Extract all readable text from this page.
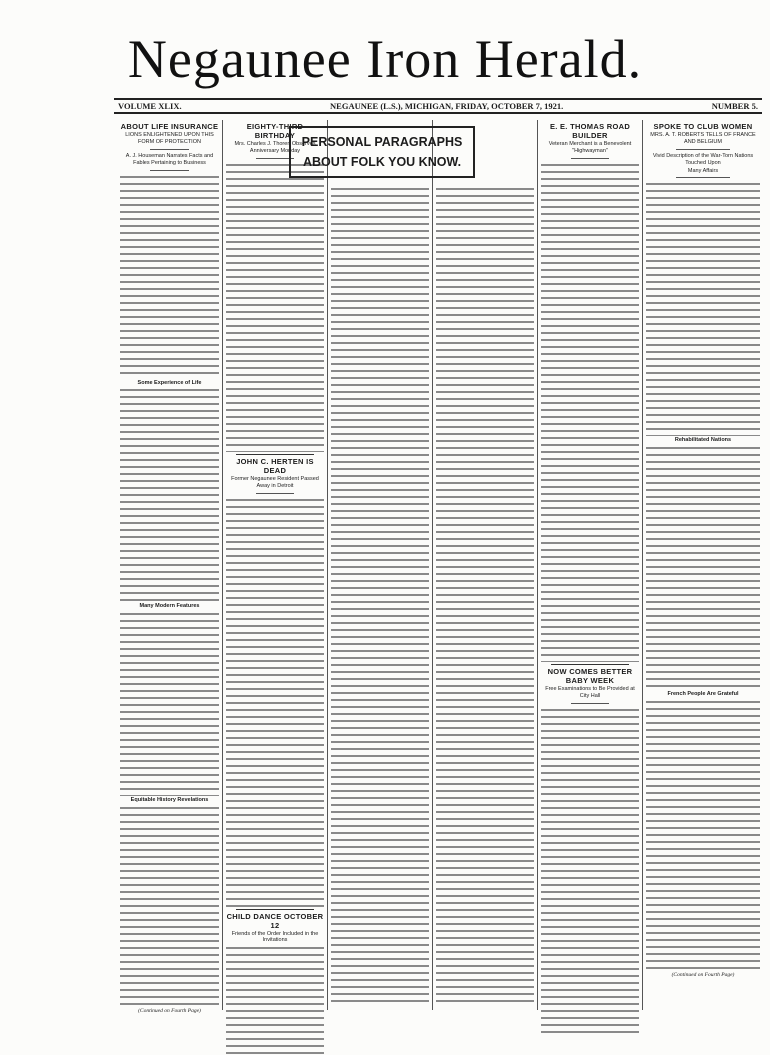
Negaunee Iron Herald.
VOLUME XLIX.	NEGAUNEE (L.S.), MICHIGAN, FRIDAY, OCTOBER 7, 1921.	NUMBER 5.
ABOUT LIFE INSURANCE
LIONS ENLIGHTENED UPON THIS FORM OF PROTECTION
A. J. Houseman Narrates Facts and Fables Pertaining to Business
Some Experience of Life
Many Modern Features
Equitable History Revelations
(Continued on Fourth Page)
EIGHTY-THIRD BIRTHDAY
Mrs. Charles J. Thoren Observes Anniversary Monday
JOHN C. HERTEN IS DEAD
Former Negaunee Resident Passed Away in Detroit
CHILD DANCE OCTOBER 12
Friends of the Order Included in the Invitations
PERSONAL PARAGRAPHS
ABOUT FOLK YOU KNOW.
E. E. THOMAS ROAD BUILDER
Veteran Merchant is a Benevolent "Highwayman"
NOW COMES BETTER BABY WEEK
Free Examinations to Be Provided at City Hall
SPOKE TO CLUB WOMEN
MRS. A. T. ROBERTS TELLS OF FRANCE AND BELGIUM
Vivid Description of the War-Torn Nations Touched Upon
Many Affairs
Rehabilitated Nations
French People Are Grateful
(Continued on Fourth Page)
